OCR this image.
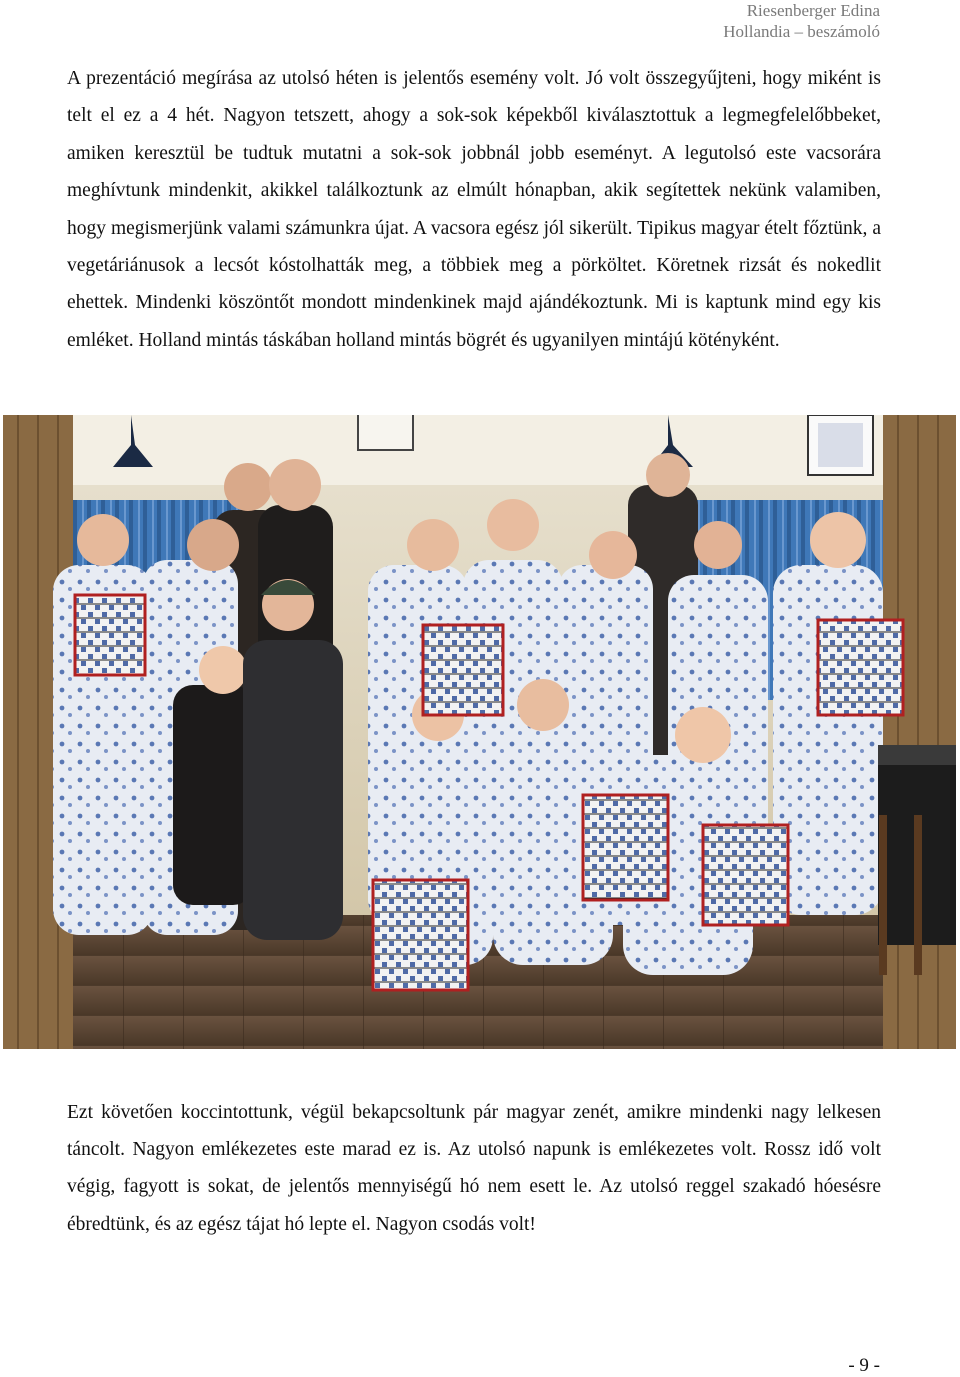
Riesenberger Edina
Hollandia – beszámoló

A prezentáció megírása az utolsó héten is jelentős esemény volt. Jó volt összegyűjteni, hogy miként is telt el ez a 4 hét. Nagyon tetszett, ahogy a sok-sok képekből kiválasztottuk a legmegfelelőbbeket, amiken keresztül be tudtuk mutatni a sok-sok jobbnál jobb eseményt. A legutolsó este vacsorára meghívtunk mindenkit, akikkel találkoztunk az elmúlt hónapban, akik segítettek nekünk valamiben, hogy megismerjünk valami számunkra újat. A vacsora egész jól sikerült. Tipikus magyar ételt főztünk, a vegetáriánusok a lecsót kóstolhatták meg, a többiek meg a pörköltet. Köretnek rizsát és nokedlit ehettek. Mindenki köszöntőt mondott mindenkinek majd ajándékoztunk. Mi is kaptunk mind egy kis emléket. Holland mintás táskában holland mintás bögrét és ugyanilyen mintájú kötényként.

Ezt követően koccintottunk, végül bekapcsoltunk pár magyar zenét, amikre mindenki nagy lelkesen táncolt. Nagyon emlékezetes este marad ez is. Az utolsó napunk is emlékezetes volt. Rossz idő volt végig, fagyott is sokat, de jelentős mennyiségű hó nem esett le. Az utolsó reggel szakadó hóesésre ébredtünk, és az egész tájat hó lepte el. Nagyon csodás volt!

- 9 -
